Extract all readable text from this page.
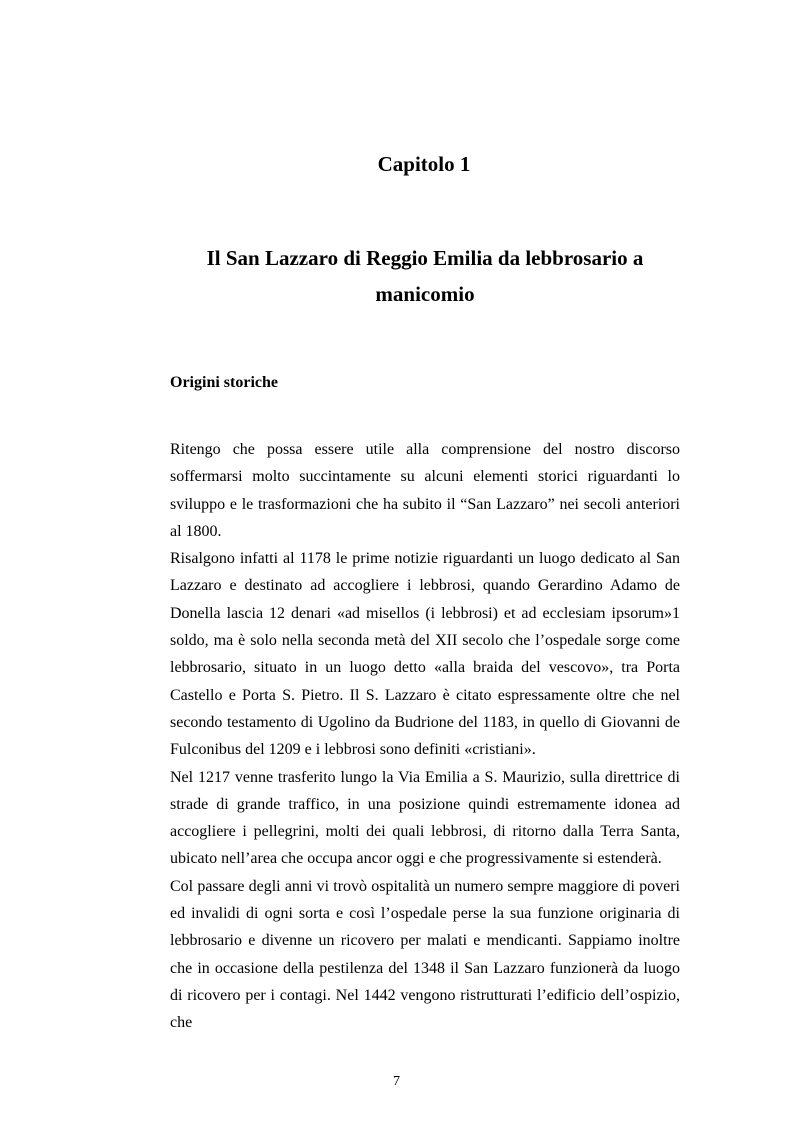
Capitolo 1
Il San Lazzaro di Reggio Emilia da lebbrosario a manicomio
Origini storiche

Ritengo che possa essere utile alla comprensione del nostro discorso soffermarsi molto succintamente su alcuni elementi storici riguardanti lo sviluppo e le trasformazioni che ha subito il “San Lazzaro” nei secoli anteriori al 1800.

Risalgono infatti al 1178 le prime notizie riguardanti un luogo dedicato al San Lazzaro e destinato ad accogliere i lebbrosi, quando Gerardino Adamo de Donella lascia 12 denari «ad misellos (i lebbrosi) et ad ecclesiam ipsorum»1 soldo, ma è solo nella seconda metà del XII secolo che l’ospedale sorge come lebbrosario, situato in un luogo detto «alla braida del vescovo», tra Porta Castello e Porta S. Pietro. Il S. Lazzaro è citato espressamente oltre che nel secondo testamento di Ugolino da Budrione del 1183, in quello di Giovanni de Fulconibus del 1209 e i lebbrosi sono definiti «cristiani».

Nel 1217 venne trasferito lungo la Via Emilia a S. Maurizio, sulla direttrice di strade di grande traffico, in una posizione quindi estremamente idonea ad accogliere i pellegrini, molti dei quali lebbrosi, di ritorno dalla Terra Santa, ubicato nell’area che occupa ancor oggi e che progressivamente si estenderà.

Col passare degli anni vi trovò ospitalità un numero sempre maggiore di poveri ed invalidi di ogni sorta e così l’ospedale perse la sua funzione originaria di lebbrosario e divenne un ricovero per malati e mendicanti. Sappiamo inoltre che in occasione della pestilenza del 1348 il San Lazzaro funzionerà da luogo di ricovero per i contagi. Nel 1442 vengono ristrutturati l’edificio dell’ospizio, che

7
